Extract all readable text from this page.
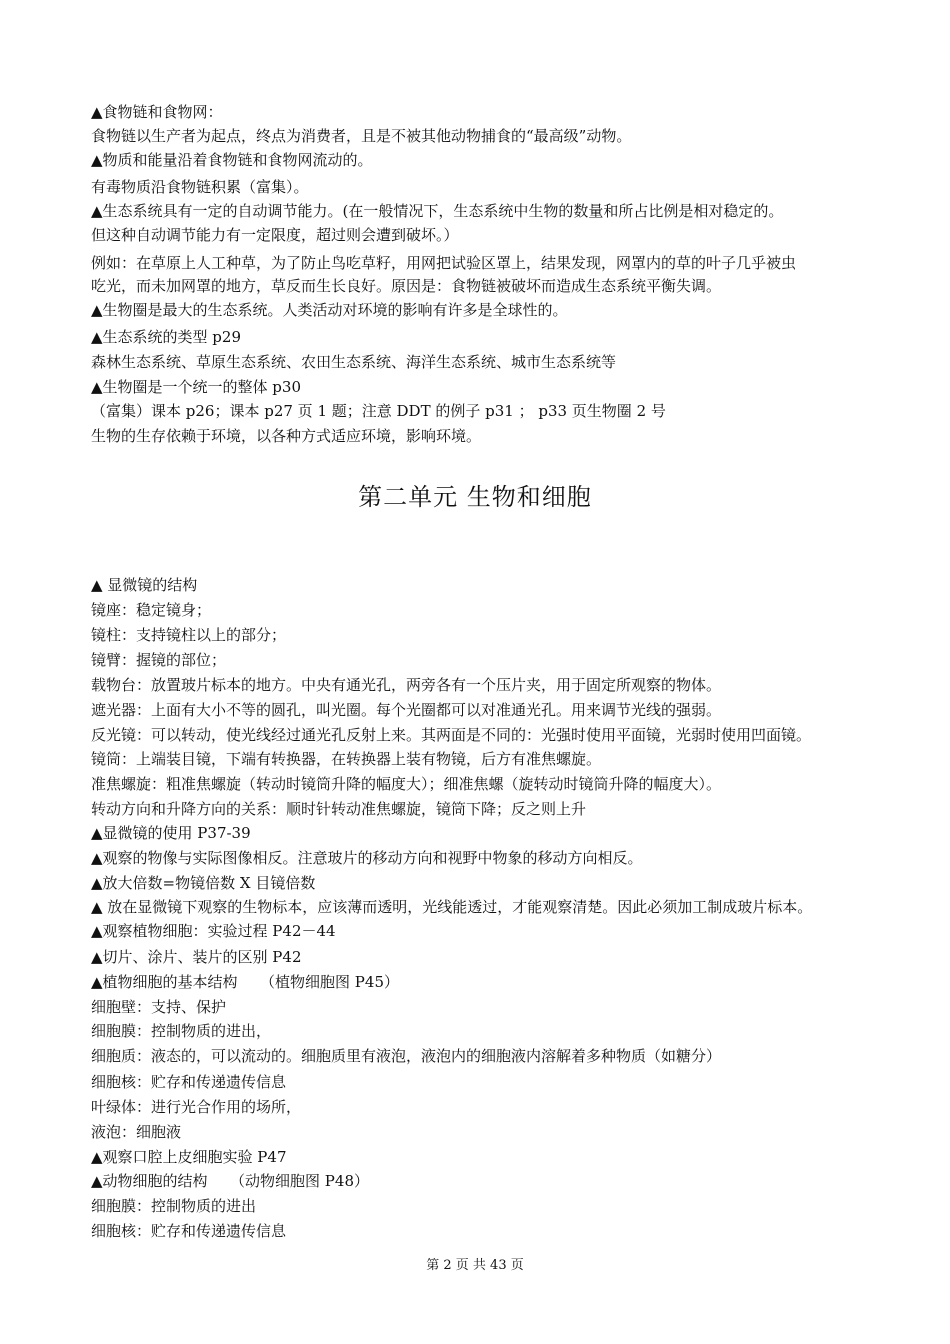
▲食物链和食物网：
食物链以生产者为起点，终点为消费者，且是不被其他动物捕食的“最高级”动物。
▲物质和能量沿着食物链和食物网流动的。
有毒物质沿食物链积累（富集）。
▲生态系统具有一定的自动调节能力。(在一般情况下，生态系统中生物的数量和所占比例是相对稳定的。
但这种自动调节能力有一定限度，超过则会遭到破坏。）
例如：在草原上人工种草，为了防止鸟吃草籽，用网把试验区罩上，结果发现，网罩内的草的叶子几乎被虫
吃光，而未加网罩的地方，草反而生长良好。原因是：食物链被破坏而造成生态系统平衡失调。
▲生物圈是最大的生态系统。人类活动对环境的影响有许多是全球性的。
▲生态系统的类型 p29
森林生态系统、草原生态系统、农田生态系统、海洋生态系统、城市生态系统等
▲生物圈是一个统一的整体 p30
（富集）课本 p26；课本 p27 页 1 题；注意 DDT 的例子 p31 ； p33 页生物圈 2 号
生物的生存依赖于环境，以各种方式适应环境，影响环境。
第二单元 生物和细胞
▲ 显微镜的结构
镜座：稳定镜身；
镜柱：支持镜柱以上的部分；
镜臂：握镜的部位；
载物台：放置玻片标本的地方。中央有通光孔，两旁各有一个压片夹，用于固定所观察的物体。
遮光器：上面有大小不等的圆孔，叫光圈。每个光圈都可以对准通光孔。用来调节光线的强弱。
反光镜：可以转动，使光线经过通光孔反射上来。其两面是不同的：光强时使用平面镜，光弱时使用凹面镜。
镜筒：上端装目镜，下端有转换器，在转换器上装有物镜，后方有准焦螺旋。
准焦螺旋：粗准焦螺旋（转动时镜筒升降的幅度大）；细准焦螺（旋转动时镜筒升降的幅度大）。
转动方向和升降方向的关系：顺时针转动准焦螺旋，镜筒下降；反之则上升
▲显微镜的使用 P37-39
▲观察的物像与实际图像相反。注意玻片的移动方向和视野中物象的移动方向相反。
▲放大倍数=物镜倍数 X 目镜倍数
▲ 放在显微镜下观察的生物标本，应该薄而透明，光线能透过，才能观察清楚。因此必须加工制成玻片标本。
▲观察植物细胞：实验过程 P42－44
▲切片、涂片、装片的区别 P42
▲植物细胞的基本结构　　（植物细胞图 P45）
细胞壁：支持、保护
细胞膜：控制物质的进出，
细胞质：液态的，可以流动的。细胞质里有液泡，液泡内的细胞液内溶解着多种物质（如糖分）
细胞核：贮存和传递遗传信息
叶绿体：进行光合作用的场所，
液泡：细胞液
▲观察口腔上皮细胞实验 P47
▲动物细胞的结构　　（动物细胞图 P48）
细胞膜：控制物质的进出
细胞核：贮存和传递遗传信息
第 2 页 共 43 页
